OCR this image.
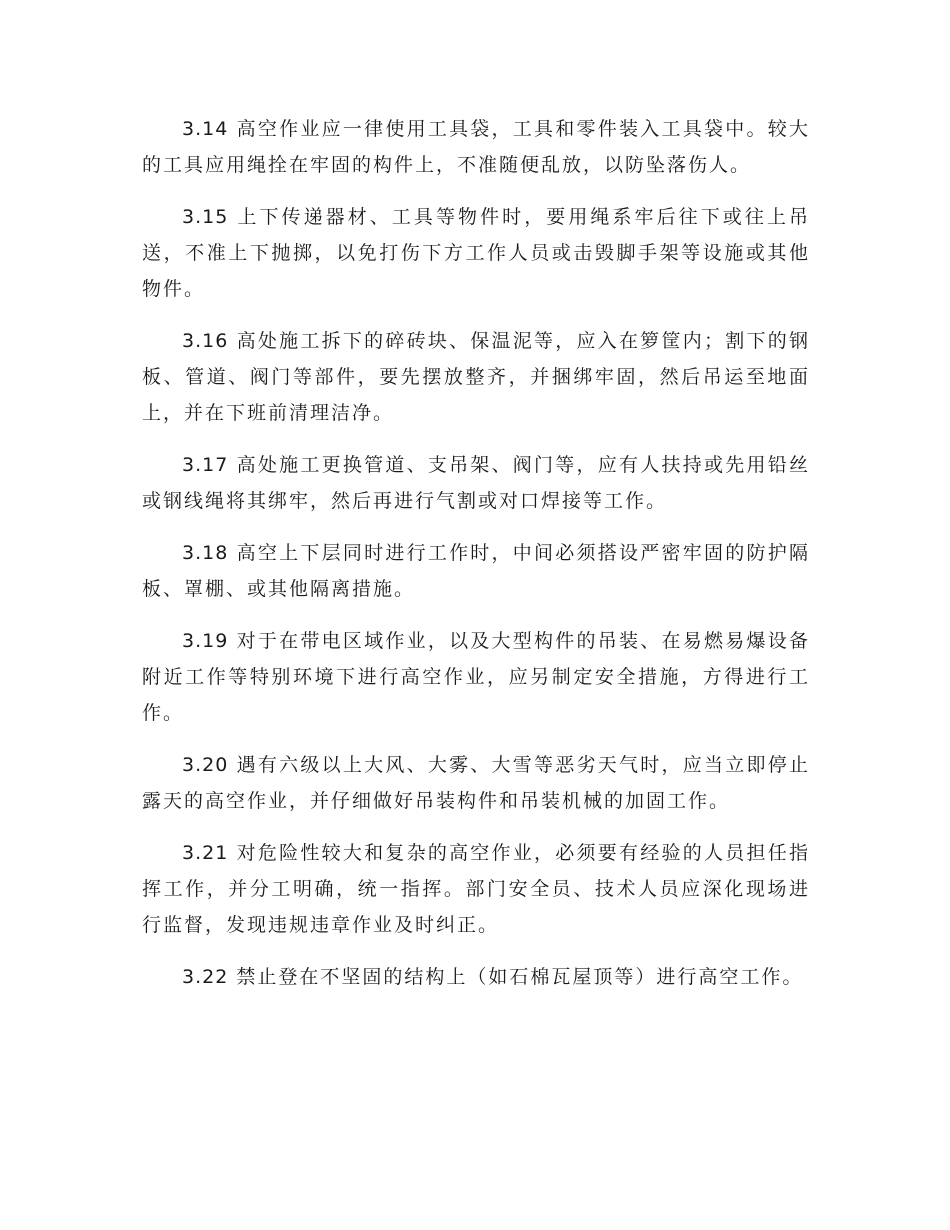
3.14 高空作业应一律使用工具袋，工具和零件装入工具袋中。较大的工具应用绳拴在牢固的构件上，不准随便乱放，以防坠落伤人。

3.15 上下传递器材、工具等物件时，要用绳系牢后往下或往上吊送，不准上下抛掷，以免打伤下方工作人员或击毁脚手架等设施或其他物件。

3.16 高处施工拆下的碎砖块、保温泥等，应入在箩筐内；割下的钢板、管道、阀门等部件，要先摆放整齐，并捆绑牢固，然后吊运至地面上，并在下班前清理洁净。

3.17 高处施工更换管道、支吊架、阀门等，应有人扶持或先用铅丝或钢线绳将其绑牢，然后再进行气割或对口焊接等工作。

3.18 高空上下层同时进行工作时，中间必须搭设严密牢固的防护隔板、罩棚、或其他隔离措施。

3.19 对于在带电区域作业，以及大型构件的吊装、在易燃易爆设备附近工作等特别环境下进行高空作业，应另制定安全措施，方得进行工作。

3.20 遇有六级以上大风、大雾、大雪等恶劣天气时，应当立即停止露天的高空作业，并仔细做好吊装构件和吊装机械的加固工作。

3.21 对危险性较大和复杂的高空作业，必须要有经验的人员担任指挥工作，并分工明确，统一指挥。部门安全员、技术人员应深化现场进行监督，发现违规违章作业及时纠正。

3.22 禁止登在不坚固的结构上（如石棉瓦屋顶等）进行高空工作。
